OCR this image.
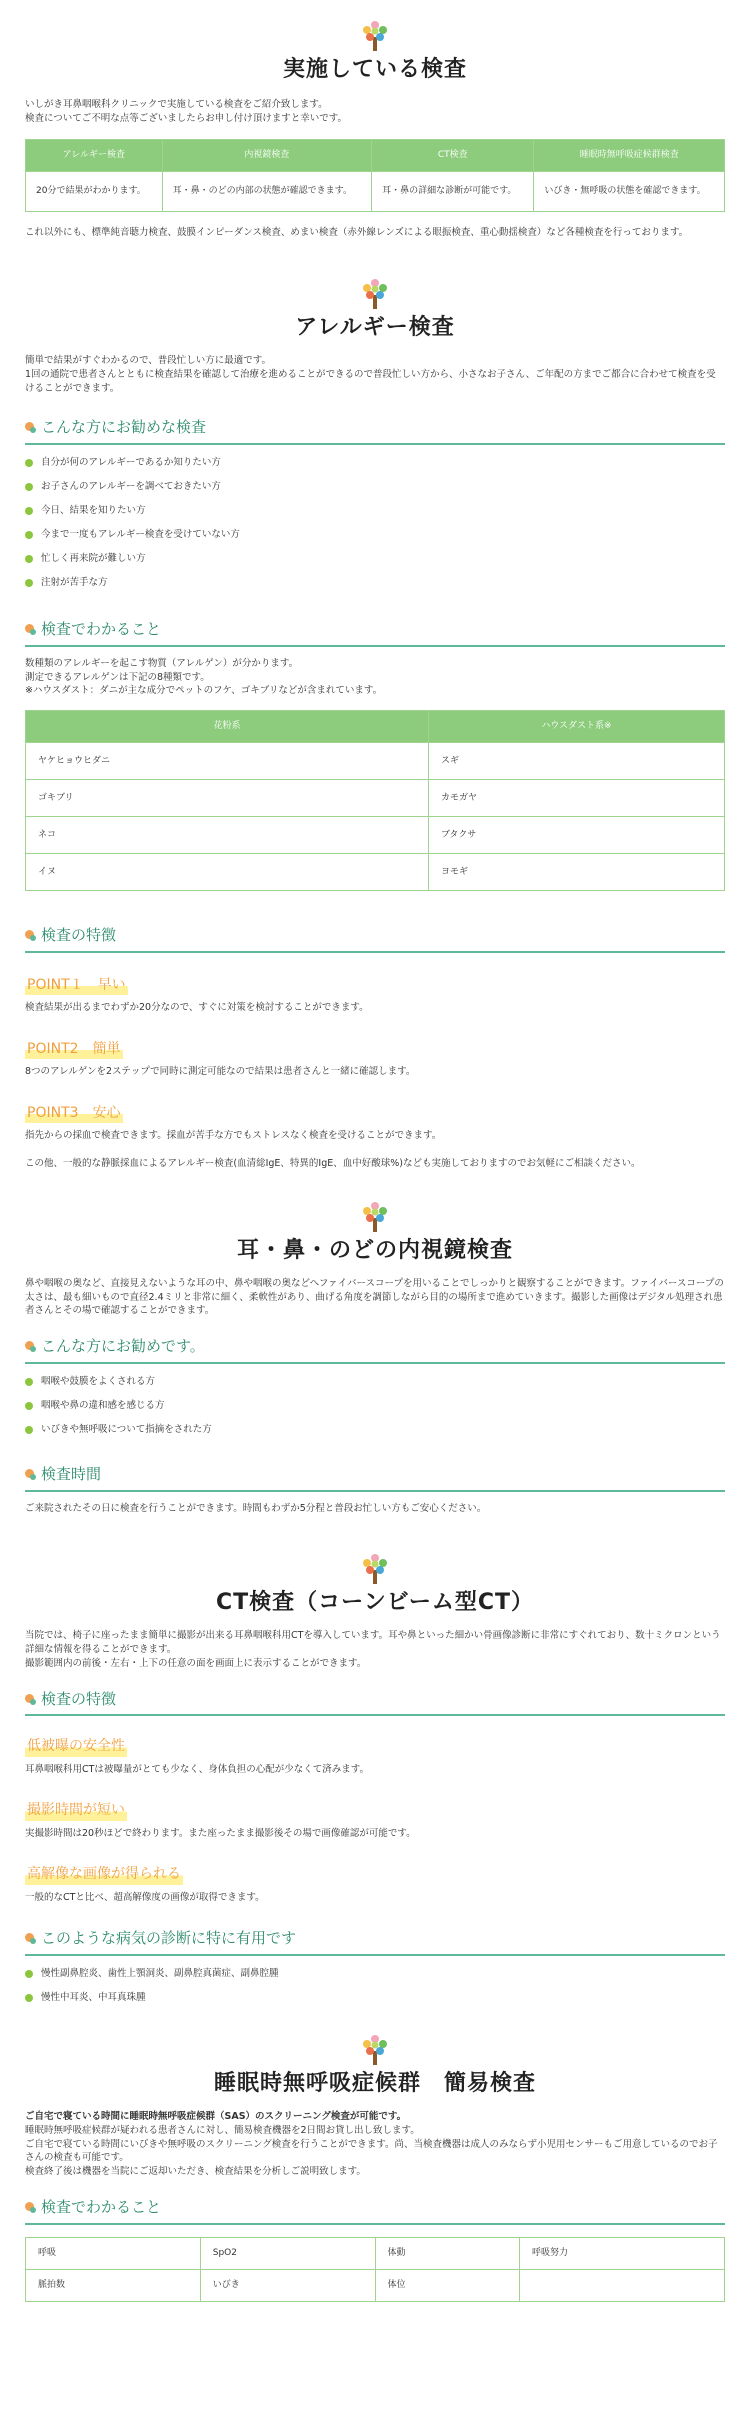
実施している検査

いしがき耳鼻咽喉科クリニックで実施している検査をご紹介致します。

検査についてご不明な点等ございましたらお申し付け頂けますと幸いです。

アレルギー検査	内視鏡検査	CT検査	睡眠時無呼吸症候群検査
20分で結果がわかります。	耳・鼻・のどの内部の状態が確認できます。	耳・鼻の詳細な診断が可能です。	いびき・無呼吸の状態を確認できます。

これ以外にも、標準純音聴力検査、鼓膜インピーダンス検査、めまい検査（赤外線レンズによる眼振検査、重心動揺検査）など各種検査を行っております。

アレルギー検査

簡単で結果がすぐわかるので、普段忙しい方に最適です。

1回の通院で患者さんとともに検査結果を確認して治療を進めることができるので普段忙しい方から、小さなお子さん、ご年配の方までご都合に合わせて検査を受けることができます。

こんな方にお勧めな検査
自分が何のアレルギーであるか知りたい方
お子さんのアレルギーを調べておきたい方
今日、結果を知りたい方
今まで一度もアレルギー検査を受けていない方
忙しく再来院が難しい方
注射が苦手な方
検査でわかること

数種類のアレルギーを起こす物質（アレルゲン）が分かります。

測定できるアレルゲンは下記の8種類です。

※ハウスダスト：ダニが主な成分でペットのフケ、ゴキブリなどが含まれています。

花粉系	ハウスダスト系※
ヤケヒョウヒダニ	スギ
ゴキブリ	カモガヤ
ネコ	ブタクサ
イヌ	ヨモギ
検査の特徴
POINT１　早い

検査結果が出るまでわずか20分なので、すぐに対策を検討することができます。

POINT2　簡単

8つのアレルゲンを2ステップで同時に測定可能なので結果は患者さんと一緒に確認します。

POINT3　安心

指先からの採血で検査できます。採血が苦手な方でもストレスなく検査を受けることができます。

この他、一般的な静脈採血によるアレルギー検査(血清総IgE、特異的IgE、血中好酸球%)なども実施しておりますのでお気軽にご相談ください。

耳・鼻・のどの内視鏡検査

鼻や咽喉の奥など、直接見えないような耳の中、鼻や咽喉の奥などへファイバースコープを用いることでしっかりと観察することができます。ファイバースコープの太さは、最も細いもので直径2.4ミリと非常に細く、柔軟性があり、曲げる角度を調節しながら目的の場所まで進めていきます。撮影した画像はデジタル処理され患者さんとその場で確認することができます。

こんな方にお勧めです。
咽喉や鼓膜をよくされる方
咽喉や鼻の違和感を感じる方
いびきや無呼吸について指摘をされた方
検査時間

ご来院されたその日に検査を行うことができます。時間もわずか5分程と普段お忙しい方もご安心ください。

CT検査（コーンビーム型CT）

当院では、椅子に座ったまま簡単に撮影が出来る耳鼻咽喉科用CTを導入しています。耳や鼻といった細かい骨画像診断に非常にすぐれており、数十ミクロンという詳細な情報を得ることができます。

撮影範囲内の前後・左右・上下の任意の面を画面上に表示することができます。

検査の特徴
低被曝の安全性

耳鼻咽喉科用CTは被曝量がとても少なく、身体負担の心配が少なくて済みます。

撮影時間が短い

実撮影時間は20秒ほどで終わります。また座ったまま撮影後その場で画像確認が可能です。

高解像な画像が得られる

一般的なCTと比べ、超高解像度の画像が取得できます。

このような病気の診断に特に有用です
慢性副鼻腔炎、歯性上顎洞炎、副鼻腔真菌症、副鼻腔腫
慢性中耳炎、中耳真珠腫
睡眠時無呼吸症候群　簡易検査

ご自宅で寝ている時間に睡眠時無呼吸症候群（SAS）のスクリーニング検査が可能です。

睡眠時無呼吸症候群が疑われる患者さんに対し、簡易検査機器を2日間お貸し出し致します。

ご自宅で寝ている時間にいびきや無呼吸のスクリーニング検査を行うことができます。尚、当検査機器は成人のみならず小児用センサーもご用意しているのでお子さんの検査も可能です。

検査終了後は機器を当院にご返却いただき、検査結果を分析しご説明致します。

検査でわかること
呼吸	SpO2	体動	呼吸努力
脈拍数	いびき	体位	
